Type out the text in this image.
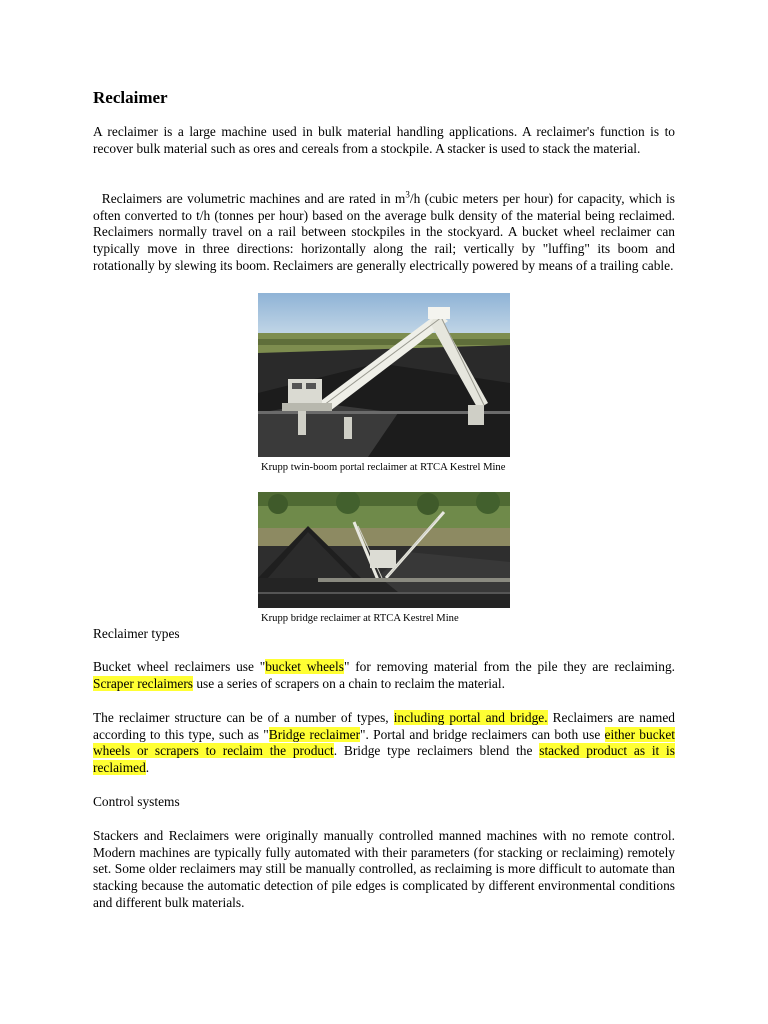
Reclaimer

A reclaimer is a large machine used in bulk material handling applications. A reclaimer's function is to recover bulk material such as ores and cereals from a stockpile. A stacker is used to stack the material.

Reclaimers are volumetric machines and are rated in $m^3/h$ (cubic meters per hour) for capacity, which is often converted to t/h (tonnes per hour) based on the average bulk density of the material being reclaimed. Reclaimers normally travel on a rail between stockpiles in the stockyard. A bucket wheel reclaimer can typically move in three directions: horizontally along the rail; vertically by "luffing" its boom and rotationally by slewing its boom. Reclaimers are generally electrically powered by means of a trailing cable.

Krupp twin-boom portal reclaimer at RTCA Kestrel Mine

Krupp bridge reclaimer at RTCA Kestrel Mine

Reclaimer types

Bucket wheel reclaimers use "bucket wheels" for removing material from the pile they are reclaiming. Scraper reclaimers use a series of scrapers on a chain to reclaim the material.

The reclaimer structure can be of a number of types, including portal and bridge. Reclaimers are named according to this type, such as "Bridge reclaimer". Portal and bridge reclaimers can both use either bucket wheels or scrapers to reclaim the product. Bridge type reclaimers blend the stacked product as it is reclaimed.

Control systems

Stackers and Reclaimers were originally manually controlled manned machines with no remote control. Modern machines are typically fully automated with their parameters (for stacking or reclaiming) remotely set. Some older reclaimers may still be manually controlled, as reclaiming is more difficult to automate than stacking because the automatic detection of pile edges is complicated by different environmental conditions and different bulk materials.
